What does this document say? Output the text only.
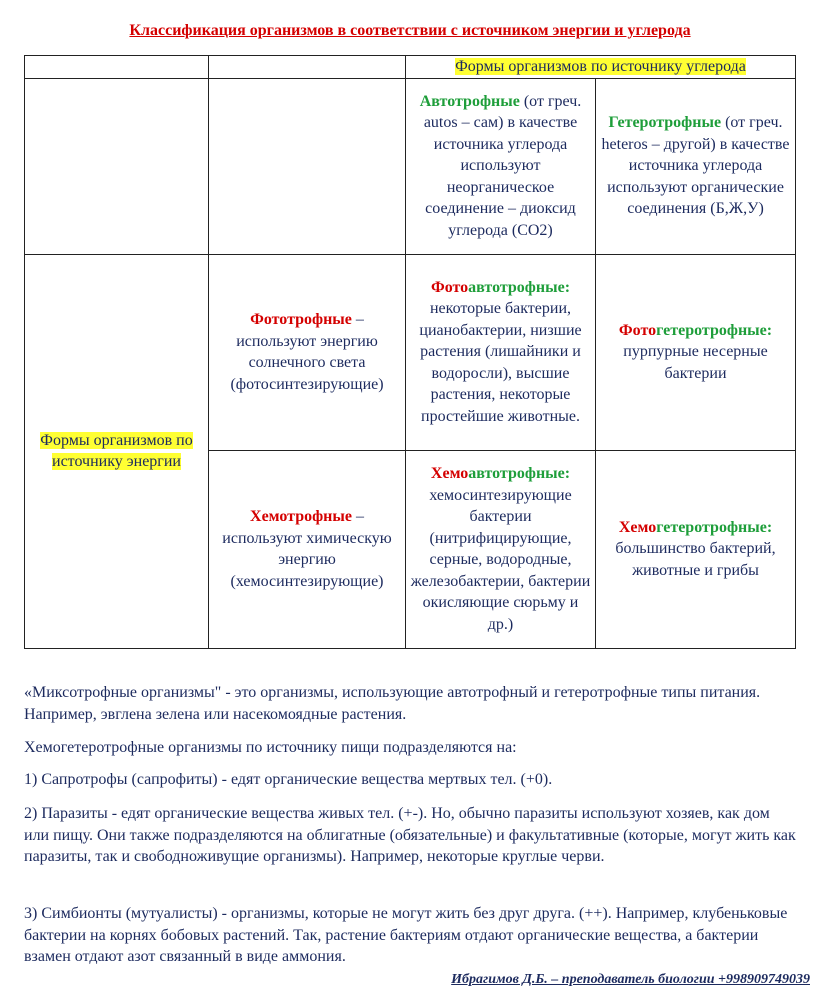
Классификация организмов в соответствии с источником энергии и углерода
		Формы организмов по источнику углерода	
		Автотрофные (от греч. autos – сам) в качестве источника углерода используют неорганическое соединение – диоксид углерода (CO2)	Гетеротрофные (от греч. heteros – другой) в качестве источника углерода используют органические соединения (Б,Ж,У)
Формы организмов по источнику энергии	Фототрофные – используют энергию солнечного света (фотосинтезирующие)	Фотоавтотрофные: некоторые бактерии, цианобактерии, низшие растения (лишайники и водоросли), высшие растения, некоторые простейшие животные.	Фотогетеротрофные: пурпурные несерные бактерии
	Хемотрофные – используют химическую энергию (хемосинтезирующие)	Хемоавтотрофные: хемосинтезирующие бактерии (нитрифицирующие, серные, водородные, железобактерии, бактерии окисляющие сюрьму и др.)	Хемогетеротрофные: большинство бактерий, животные и грибы

«Миксотрофные организмы" - это организмы, использующие автотрофный и гетеротрофные типы питания. Например, эвглена зелена или насекомоядные растения.

Хемогетеротрофные организмы по источнику пищи подразделяются на:

1) Сапротрофы (сапрофиты) - едят органические вещества мертвых тел. (+0).

2) Паразиты - едят органические вещества живых тел. (+-). Но, обычно паразиты используют хозяев, как дом или пищу. Они также подразделяются на облигатные (обязательные) и факультативные (которые, могут жить как паразиты, так и свободноживущие организмы). Например, некоторые круглые черви.

3) Симбионты (мутуалисты) - организмы, которые не могут жить без друг друга. (++). Например, клубеньковые бактерии на корнях бобовых растений. Так, растение бактериям отдают органические вещества, а бактерии взамен отдают азот связанный в виде аммония.

Ибрагимов Д.Б. – преподаватель биологии +998909749039
